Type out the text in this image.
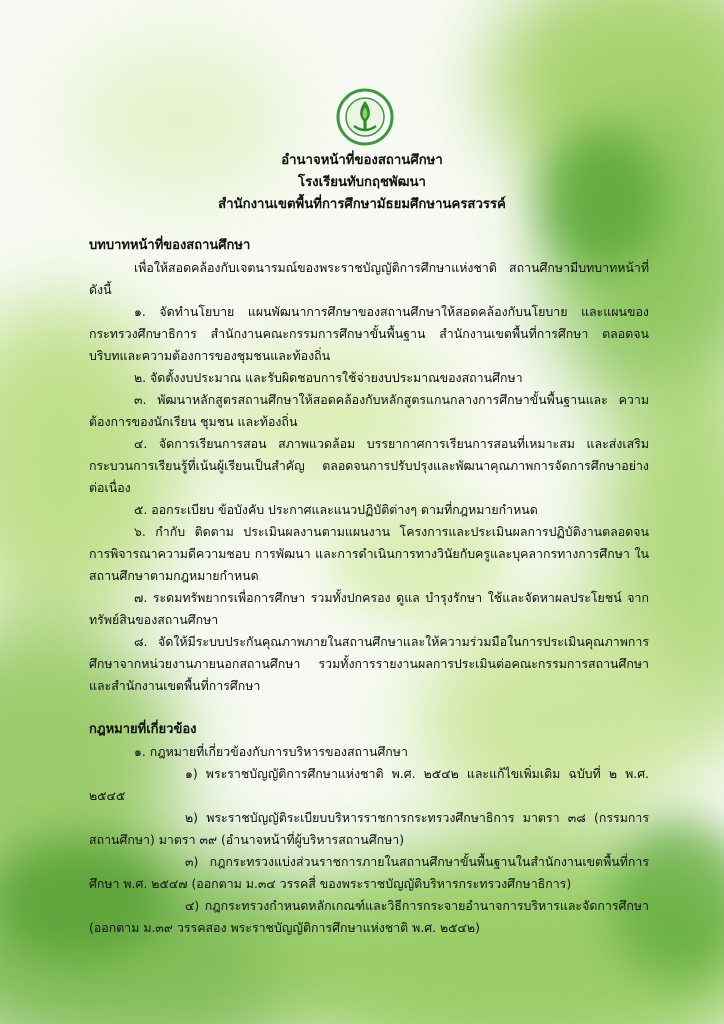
อำนาจหน้าที่ของสถานศึกษา
โรงเรียนทับกฤชพัฒนา
สำนักงานเขตพื้นที่การศึกษามัธยมศึกษานครสวรรค์
บทบาทหน้าที่ของสถานศึกษา
เพื่อให้สอดคล้องกับเจตนารมณ์ของพระราชบัญญัติการศึกษาแห่งชาติ สถานศึกษามีบทบาทหน้าที่ดังนี้
๑. จัดทำนโยบาย แผนพัฒนาการศึกษาของสถานศึกษาให้สอดคล้องกับนโยบาย และแผนของกระทรวงศึกษาธิการ สำนักงานคณะกรรมการศึกษาขั้นพื้นฐาน สำนักงานเขตพื้นที่การศึกษา ตลอดจนบริบทและความต้องการของชุมชนและท้องถิ่น
๒. จัดตั้งงบประมาณ และรับผิดชอบการใช้จ่ายงบประมาณของสถานศึกษา
๓. พัฒนาหลักสูตรสถานศึกษาให้สอดคล้องกับหลักสูตรแกนกลางการศึกษาขั้นพื้นฐานและ ความต้องการของนักเรียน ชุมชน และท้องถิ่น
๔. จัดการเรียนการสอน สภาพแวดล้อม บรรยากาศการเรียนการสอนที่เหมาะสม และส่งเสริมกระบวนการเรียนรู้ที่เน้นผู้เรียนเป็นสำคัญ ตลอดจนการปรับปรุงและพัฒนาคุณภาพการจัดการศึกษาอย่างต่อเนื่อง
๕. ออกระเบียบ ข้อบังคับ ประกาศและแนวปฏิบัติต่างๆ ตามที่กฎหมายกำหนด
๖. กำกับ ติดตาม ประเมินผลงานตามแผนงาน โครงการและประเมินผลการปฏิบัติงานตลอดจน การพิจารณาความดีความชอบ การพัฒนา และการดำเนินการทางวินัยกับครูและบุคลากรทางการศึกษา ในสถานศึกษาตามกฎหมายกำหนด
๗. ระดมทรัพยากรเพื่อการศึกษา รวมทั้งปกครอง ดูแล บำรุงรักษา ใช้และจัดหาผลประโยชน์ จากทรัพย์สินของสถานศึกษา
๘. จัดให้มีระบบประกันคุณภาพภายในสถานศึกษาและให้ความร่วมมือในการประเมินคุณภาพการศึกษาจากหน่วยงานภายนอกสถานศึกษา รวมทั้งการรายงานผลการประเมินต่อคณะกรรมการสถานศึกษาและสำนักงานเขตพื้นที่การศึกษา
กฎหมายที่เกี่ยวข้อง
๑. กฎหมายที่เกี่ยวข้องกับการบริหารของสถานศึกษา
๑) พระราชบัญญัติการศึกษาแห่งชาติ พ.ศ. ๒๕๔๒ และแก้ไขเพิ่มเติม ฉบับที่ ๒ พ.ศ. ๒๕๔๕
๒) พระราชบัญญัติระเบียบบริหารราชการกระทรวงศึกษาธิการ มาตรา ๓๘ (กรรมการสถานศึกษา) มาตรา ๓๙ (อำนาจหน้าที่ผู้บริหารสถานศึกษา)
๓) กฎกระทรวงแบ่งส่วนราชการภายในสถานศึกษาขั้นพื้นฐานในสำนักงานเขตพื้นที่การศึกษา พ.ศ. ๒๕๔๗ (ออกตาม ม.๓๔ วรรคสี่ ของพระราชบัญญัติบริหารกระทรวงศึกษาธิการ)
๔) กฎกระทรวงกำหนดหลักเกณฑ์และวิธีการกระจายอำนาจการบริหารและจัดการศึกษา (ออกตาม ม.๓๙ วรรคสอง พระราชบัญญัติการศึกษาแห่งชาติ พ.ศ. ๒๕๔๒)
